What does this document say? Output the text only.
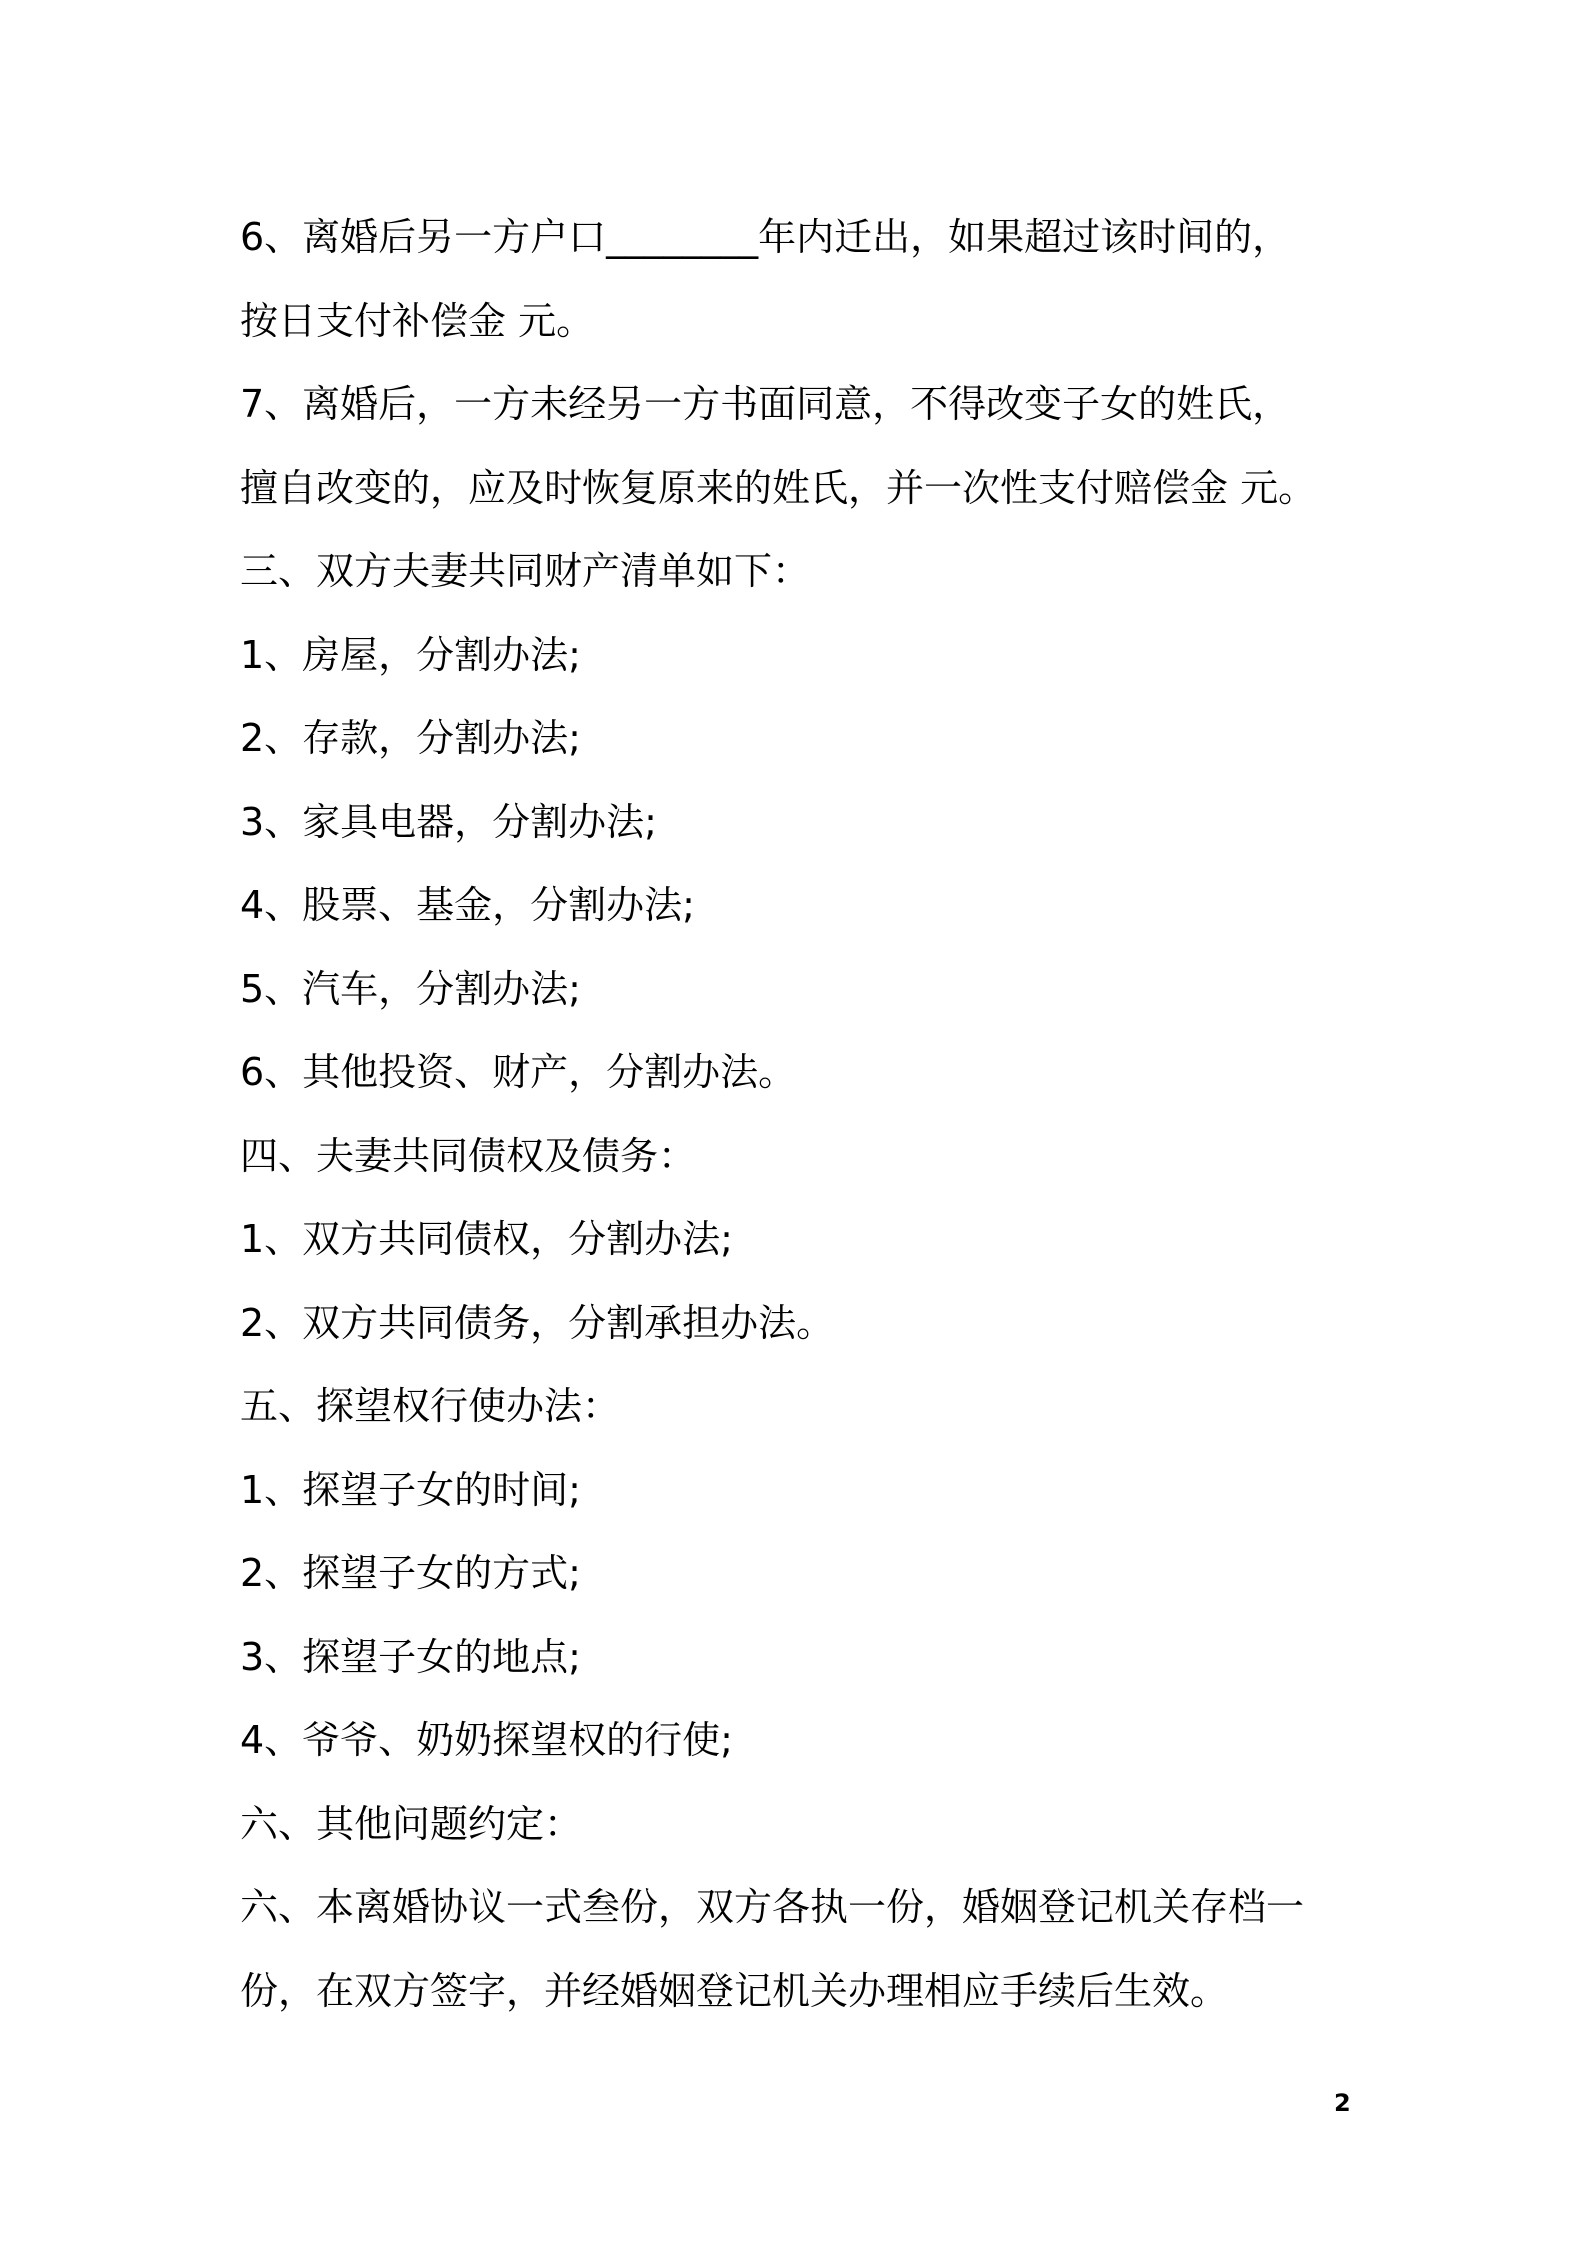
6、离婚后另一方户口________年内迁出，如果超过该时间的，
按日支付补偿金 元。
7、离婚后，一方未经另一方书面同意，不得改变子女的姓氏，
擅自改变的，应及时恢复原来的姓氏，并一次性支付赔偿金 元。
三、双方夫妻共同财产清单如下：
1、房屋，分割办法;
2、存款，分割办法;
3、家具电器，分割办法;
4、股票、基金，分割办法;
5、汽车，分割办法;
6、其他投资、财产，分割办法。
四、夫妻共同债权及债务：
1、双方共同债权，分割办法;
2、双方共同债务，分割承担办法。
五、探望权行使办法：
1、探望子女的时间;
2、探望子女的方式;
3、探望子女的地点;
4、爷爷、奶奶探望权的行使;
六、其他问题约定：
六、本离婚协议一式叁份，双方各执一份，婚姻登记机关存档一
份，在双方签字，并经婚姻登记机关办理相应手续后生效。
2
